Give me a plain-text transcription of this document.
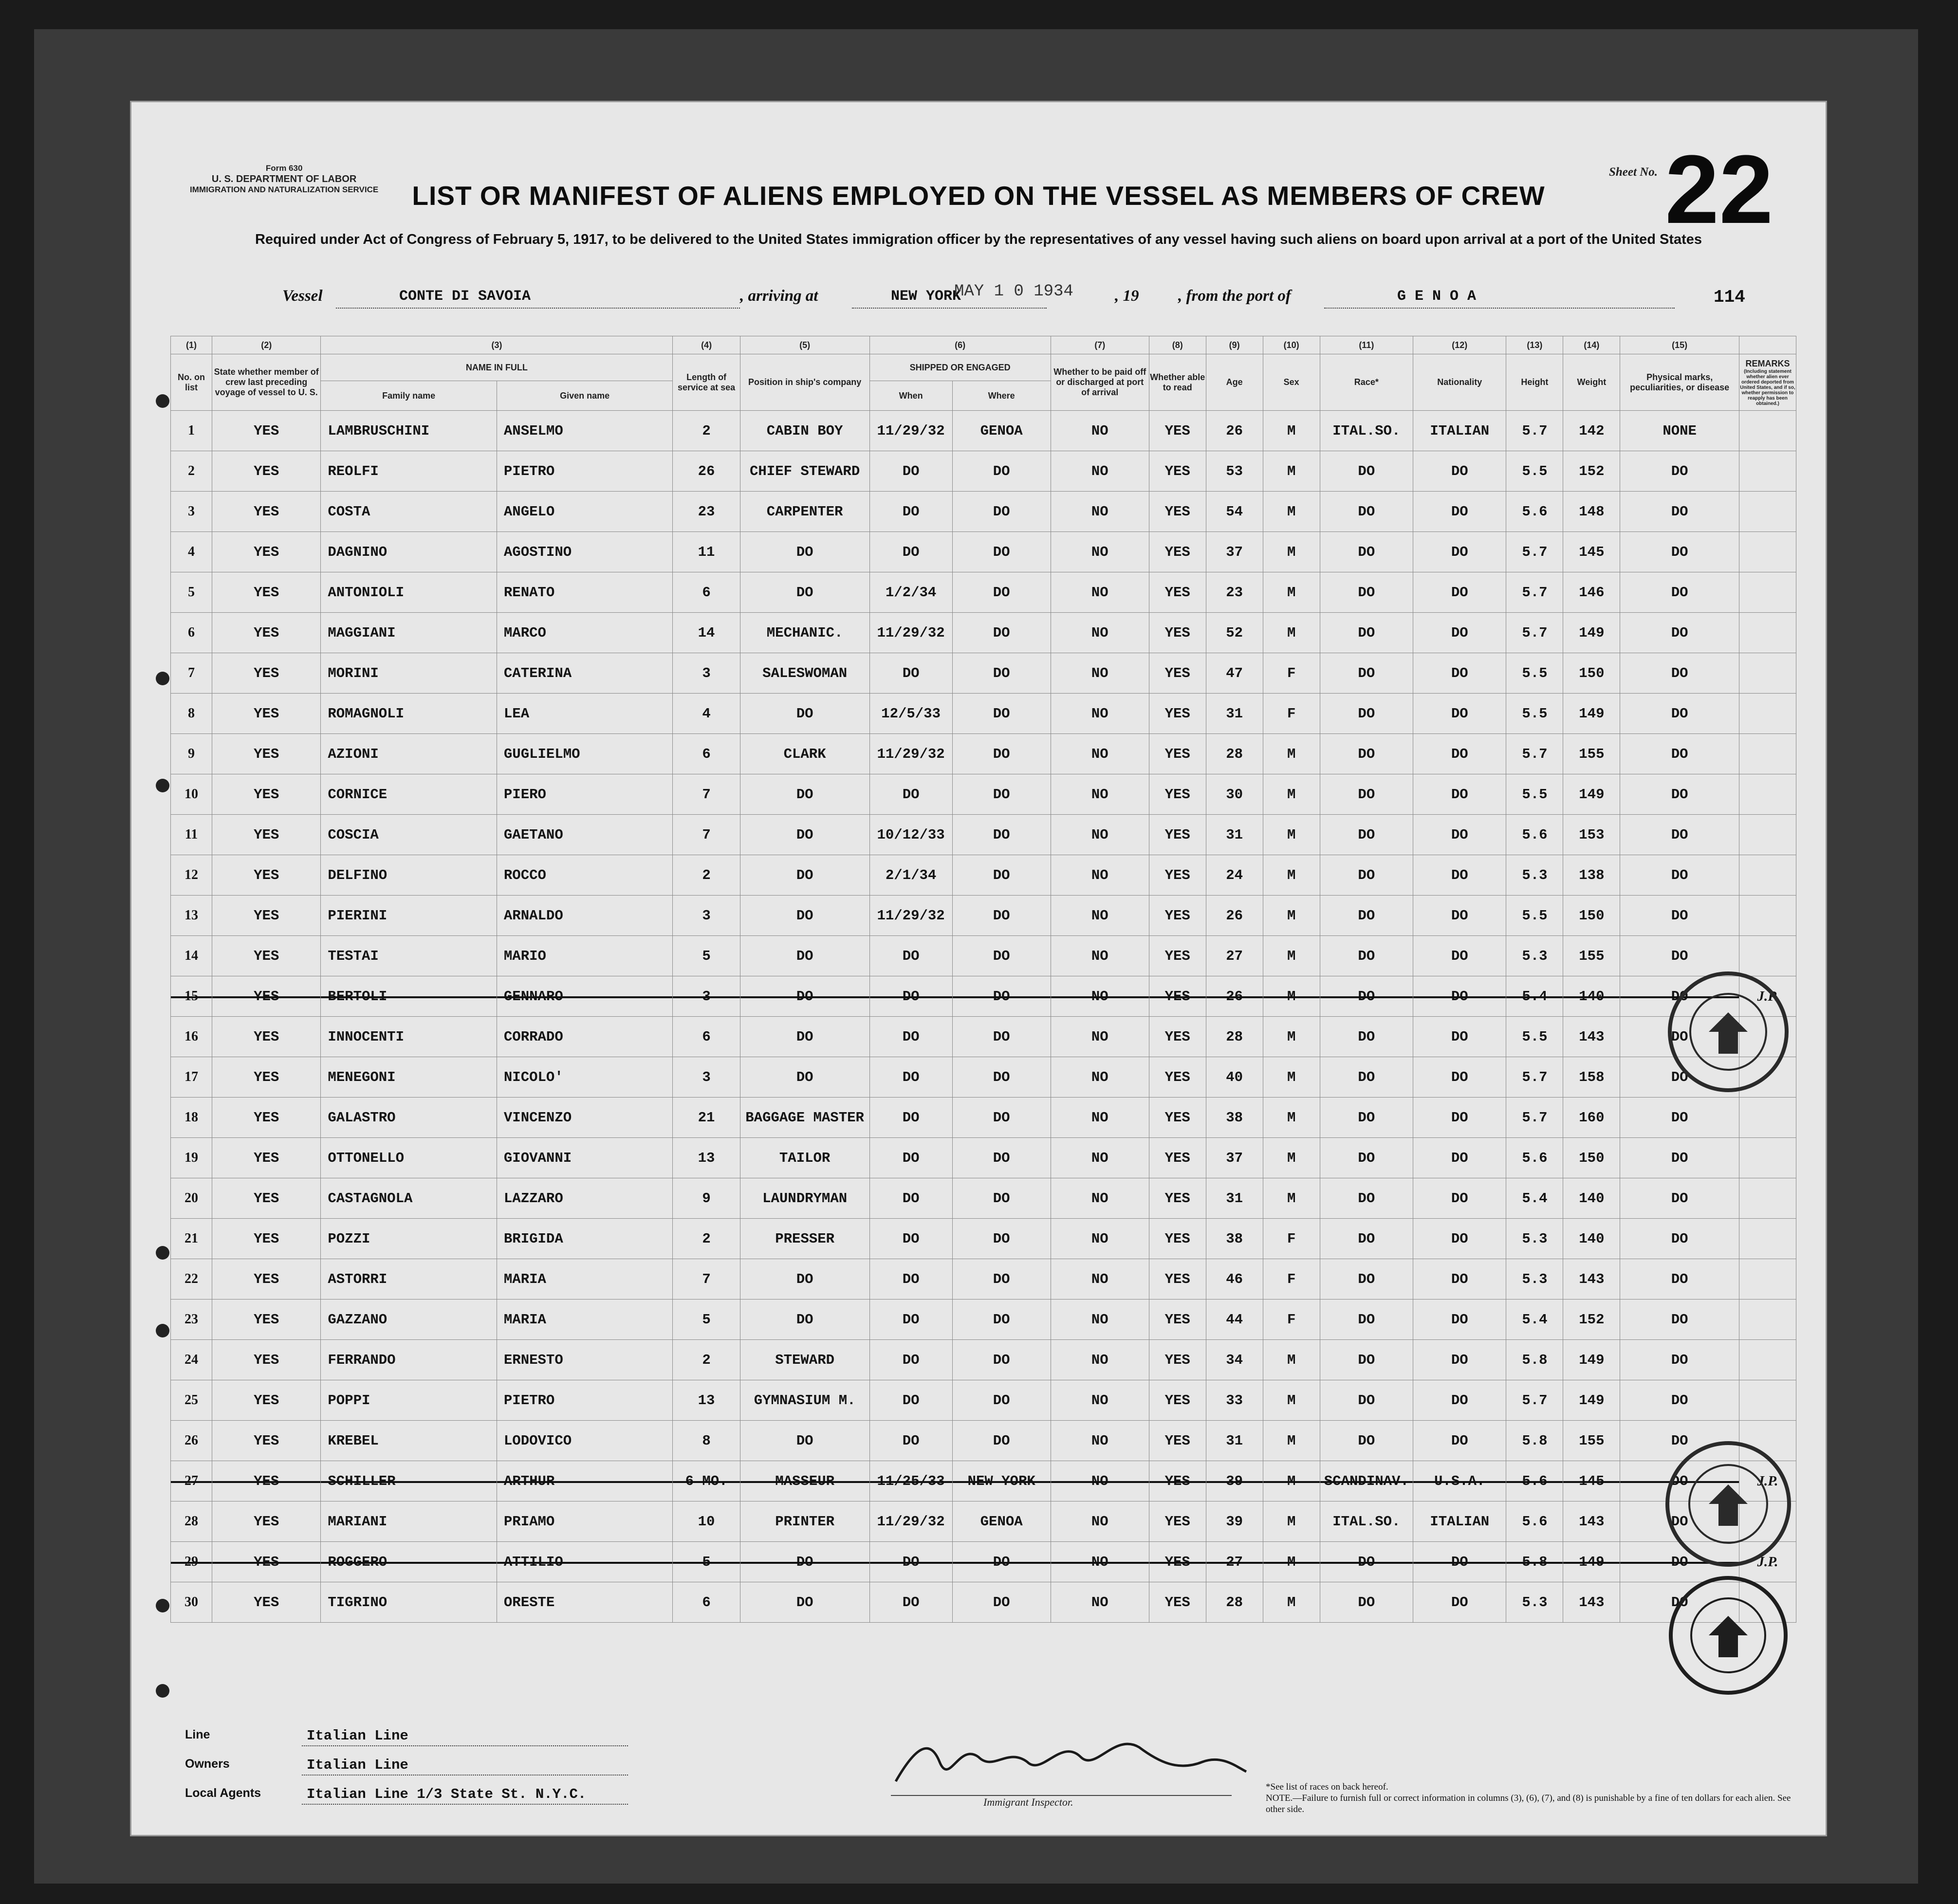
Form 630
U. S. DEPARTMENT OF LABOR
IMMIGRATION AND NATURALIZATION SERVICE
Sheet No. 22
LIST OR MANIFEST OF ALIENS EMPLOYED ON THE VESSEL AS MEMBERS OF CREW
Required under Act of Congress of February 5, 1917, to be delivered to the United States immigration officer by the representatives of any vessel having such aliens on board upon arrival at a port of the United States
Vessel	CONTE DI SAVOIA	, arriving at	NEW YORK
MAY 1 0 1934	, 19 , from the port of	G E N O A	114
(1)	(2)	(3)		(4)	(5)	(6)		(7)	(8)	(9)	(10)	(11)	(12)	(13)	(14)	(15)	
No. on list	State whether member of crew last preceding voyage of vessel to U. S.	NAME IN FULL		Length of service at sea	Position in ship's company	SHIPPED OR ENGAGED		Whether to be paid off or discharged at port of arrival	Whether able to read	Age	Sex	Race*	Nationality	Height	Weight	Physical marks, peculiarities, or disease	REMARKS
(Including statement whether alien ever ordered deported from United States, and if so, whether permission to reapply has been obtained.)

		Family name	Given name			When	Where										
1	YES	LAMBRUSCHINI	ANSELMO	2	CABIN BOY	11/29/32	GENOA	NO	YES	26	M	ITAL.SO.	ITALIAN	5.7	142	NONE	
2	YES	REOLFI	PIETRO	26	CHIEF STEWARD	DO	DO	NO	YES	53	M	DO	DO	5.5	152	DO	
3	YES	COSTA	ANGELO	23	CARPENTER	DO	DO	NO	YES	54	M	DO	DO	5.6	148	DO	
4	YES	DAGNINO	AGOSTINO	11	DO	DO	DO	NO	YES	37	M	DO	DO	5.7	145	DO	
5	YES	ANTONIOLI	RENATO	6	DO	1/2/34	DO	NO	YES	23	M	DO	DO	5.7	146	DO	
6	YES	MAGGIANI	MARCO	14	MECHANIC.	11/29/32	DO	NO	YES	52	M	DO	DO	5.7	149	DO	
7	YES	MORINI	CATERINA	3	SALESWOMAN	DO	DO	NO	YES	47	F	DO	DO	5.5	150	DO	
8	YES	ROMAGNOLI	LEA	4	DO	12/5/33	DO	NO	YES	31	F	DO	DO	5.5	149	DO	
9	YES	AZIONI	GUGLIELMO	6	CLARK	11/29/32	DO	NO	YES	28	M	DO	DO	5.7	155	DO	
10	YES	CORNICE	PIERO	7	DO	DO	DO	NO	YES	30	M	DO	DO	5.5	149	DO	
11	YES	COSCIA	GAETANO	7	DO	10/12/33	DO	NO	YES	31	M	DO	DO	5.6	153	DO	
12	YES	DELFINO	ROCCO	2	DO	2/1/34	DO	NO	YES	24	M	DO	DO	5.3	138	DO	
13	YES	PIERINI	ARNALDO	3	DO	11/29/32	DO	NO	YES	26	M	DO	DO	5.5	150	DO	
14	YES	TESTAI	MARIO	5	DO	DO	DO	NO	YES	27	M	DO	DO	5.3	155	DO	
15	YES	BERTOLI	GENNARO	3	DO	DO	DO	NO	YES	26	M	DO	DO	5.4	140	DO	J.P.
16	YES	INNOCENTI	CORRADO	6	DO	DO	DO	NO	YES	28	M	DO	DO	5.5	143	DO	
17	YES	MENEGONI	NICOLO'	3	DO	DO	DO	NO	YES	40	M	DO	DO	5.7	158	DO	
18	YES	GALASTRO	VINCENZO	21	BAGGAGE MASTER	DO	DO	NO	YES	38	M	DO	DO	5.7	160	DO	
19	YES	OTTONELLO	GIOVANNI	13	TAILOR	DO	DO	NO	YES	37	M	DO	DO	5.6	150	DO	
20	YES	CASTAGNOLA	LAZZARO	9	LAUNDRYMAN	DO	DO	NO	YES	31	M	DO	DO	5.4	140	DO	
21	YES	POZZI	BRIGIDA	2	PRESSER	DO	DO	NO	YES	38	F	DO	DO	5.3	140	DO	
22	YES	ASTORRI	MARIA	7	DO	DO	DO	NO	YES	46	F	DO	DO	5.3	143	DO	
23	YES	GAZZANO	MARIA	5	DO	DO	DO	NO	YES	44	F	DO	DO	5.4	152	DO	
24	YES	FERRANDO	ERNESTO	2	STEWARD	DO	DO	NO	YES	34	M	DO	DO	5.8	149	DO	
25	YES	POPPI	PIETRO	13	GYMNASIUM M.	DO	DO	NO	YES	33	M	DO	DO	5.7	149	DO	
26	YES	KREBEL	LODOVICO	8	DO	DO	DO	NO	YES	31	M	DO	DO	5.8	155	DO	
27	YES	SCHILLER	ARTHUR	6 MO.	MASSEUR	11/25/33	NEW YORK	NO	YES	39	M	SCANDINAV.	U.S.A.	5.6	145	DO	J.P.
28	YES	MARIANI	PRIAMO	10	PRINTER	11/29/32	GENOA	NO	YES	39	M	ITAL.SO.	ITALIAN	5.6	143	DO	
29	YES	ROGGERO	ATTILIO	5	DO	DO	DO	NO	YES	27	M	DO	DO	5.8	149	DO	J.P.
30	YES	TIGRINO	ORESTE	6	DO	DO	DO	NO	YES	28	M	DO	DO	5.3	143	DO	
Immigrant Inspector.
Line	Italian Line
Owners	Italian Line
Local Agents	Italian Line 1/3 State St. N.Y.C.	*See list of races on back hereof.
NOTE.—Failure to furnish full or correct information in columns (3), (6), (7), and (8) is punishable by a fine of ten dollars for each alien. See other side.
